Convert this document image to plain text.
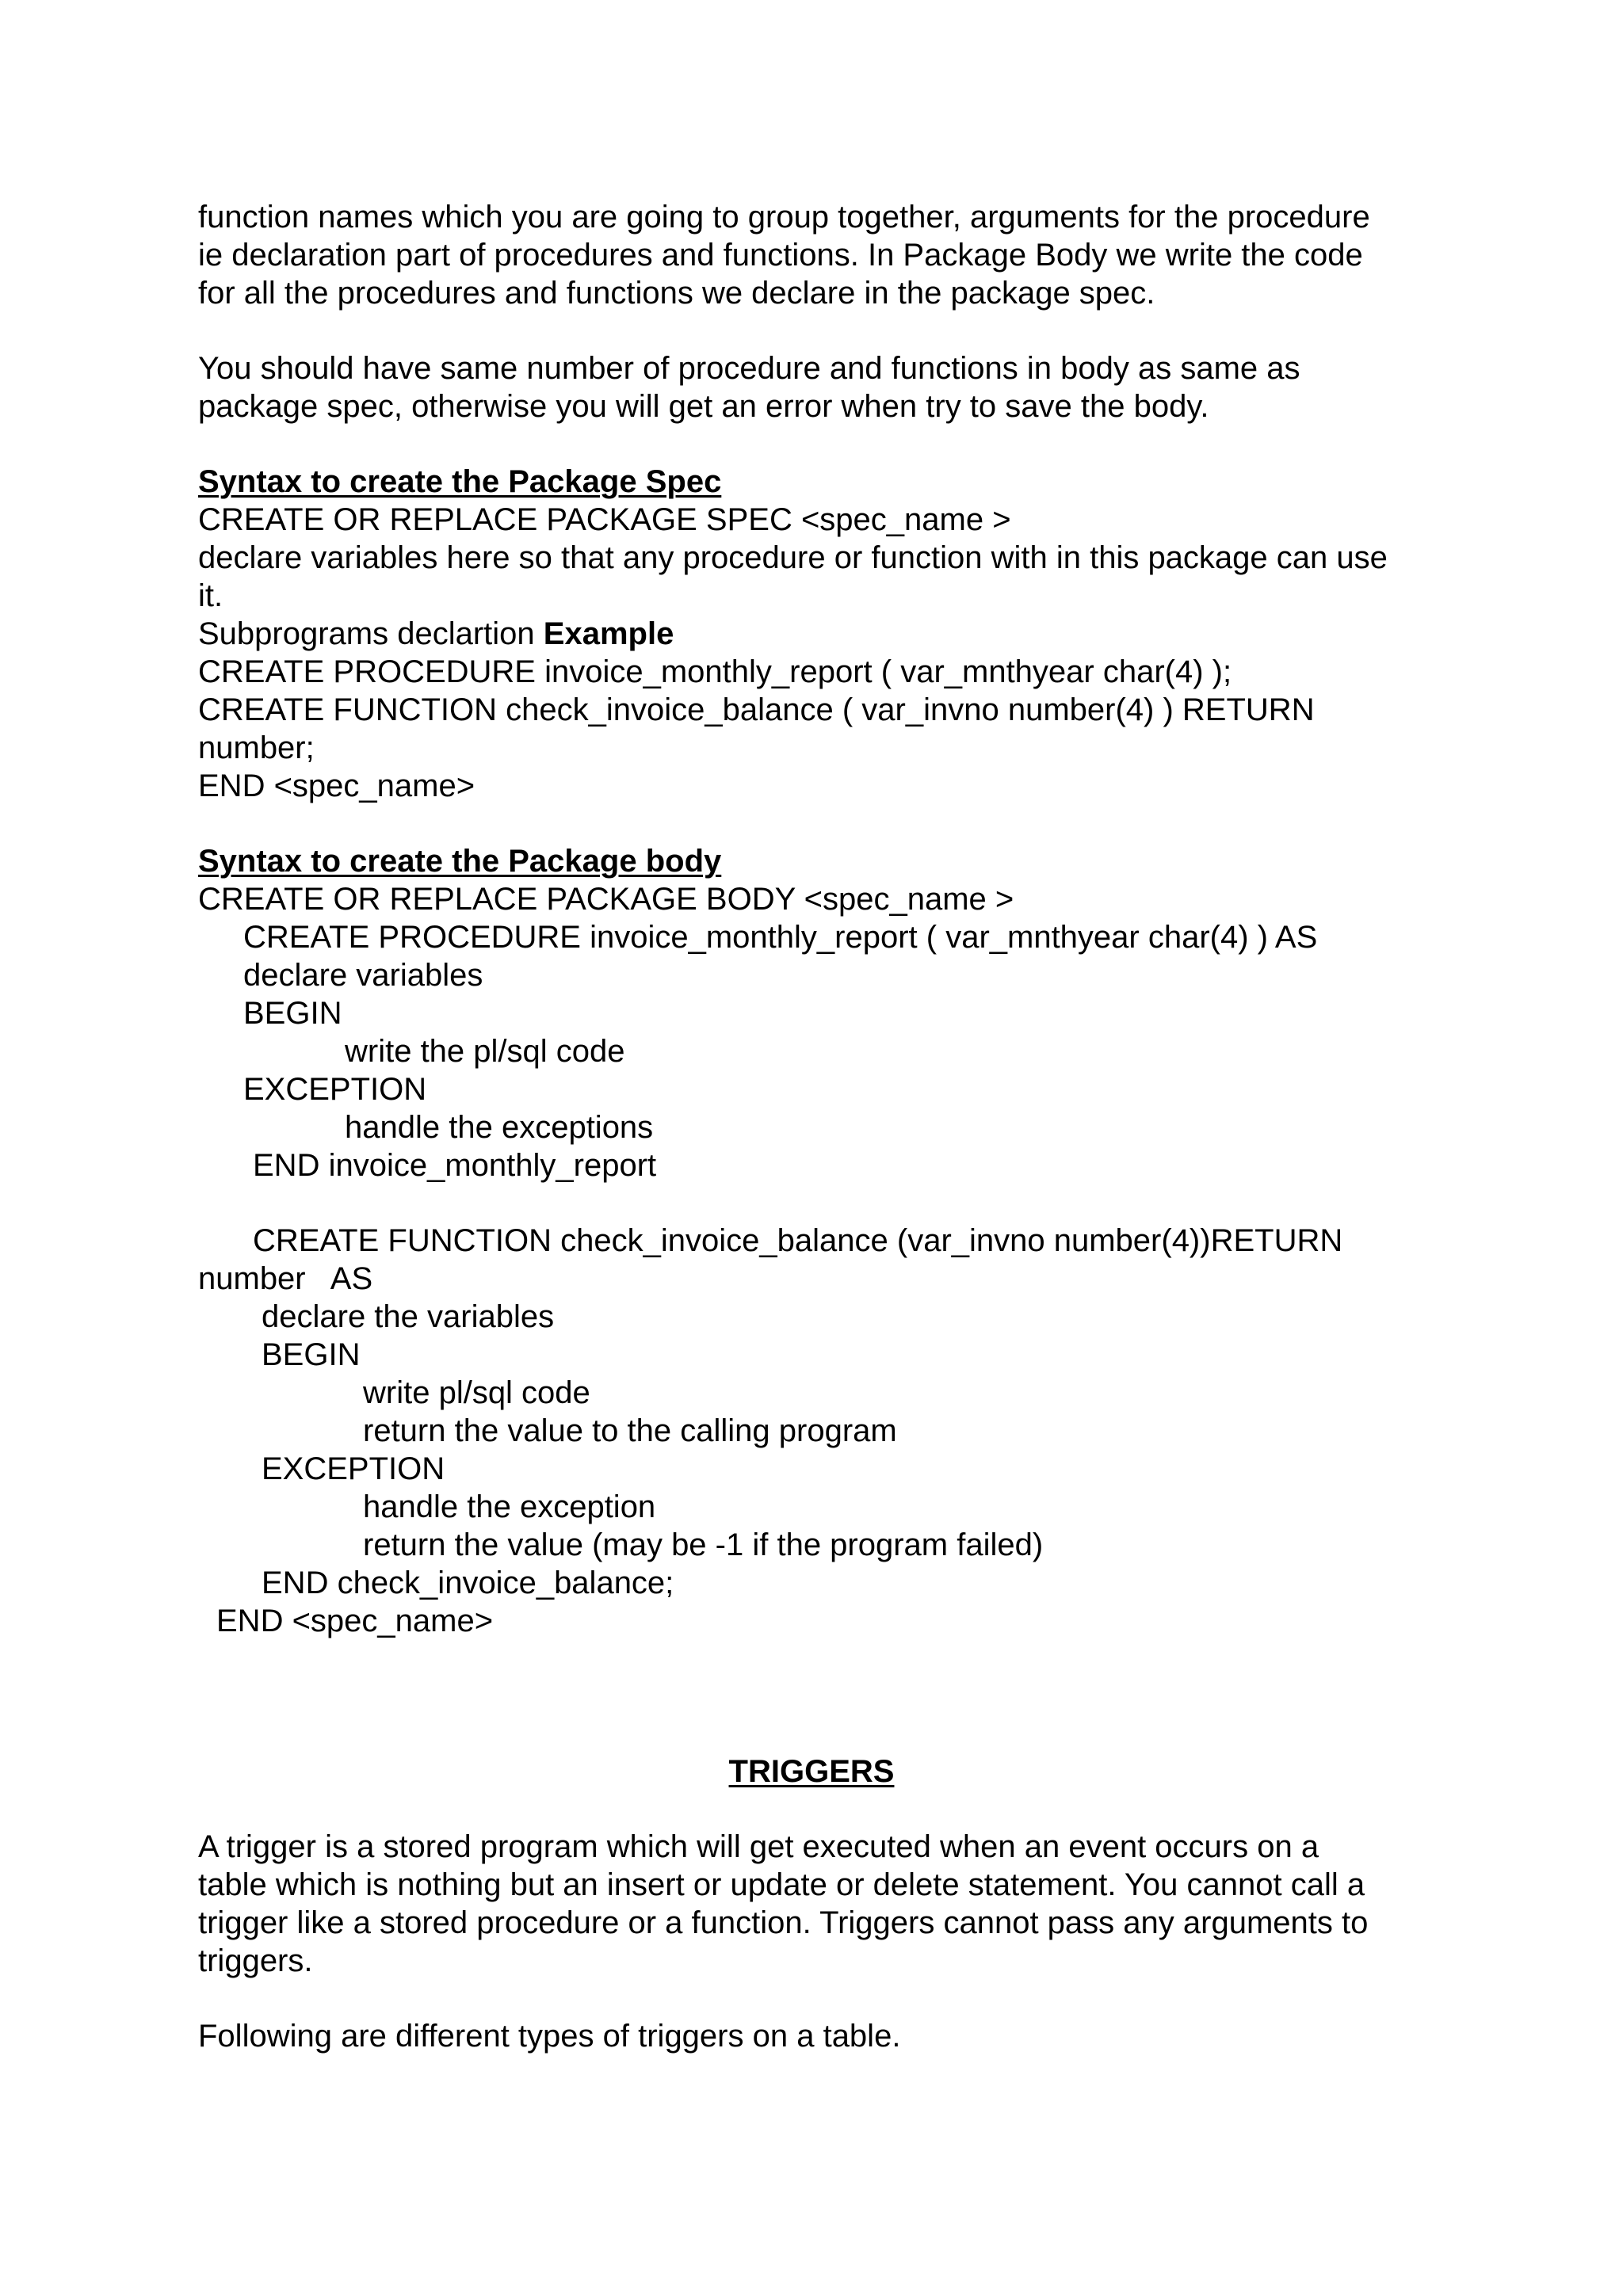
function names which you are going to group together, arguments for the procedure
ie declaration part of procedures and functions. In Package Body we write the code
for all the procedures and functions we declare in the package spec.
You should have same number of procedure and functions in body as same as
package spec, otherwise you will get an error when try to save the body.
Syntax to create the Package Spec
CREATE OR REPLACE PACKAGE SPEC <spec_name >
declare variables here so that any procedure or function with in this package can use
it.
Subprograms declartion Example
CREATE PROCEDURE invoice_monthly_report ( var_mnthyear char(4) );
CREATE FUNCTION check_invoice_balance ( var_invno number(4) ) RETURN
number;
END <spec_name>
Syntax to create the Package body
CREATE OR REPLACE PACKAGE BODY <spec_name >
CREATE PROCEDURE invoice_monthly_report ( var_mnthyear char(4) ) AS
declare variables
BEGIN
write the pl/sql code
EXCEPTION
handle the exceptions
END invoice_monthly_report
CREATE FUNCTION check_invoice_balance (var_invno number(4))RETURN
number   AS
declare the variables
BEGIN
write pl/sql code
return the value to the calling program
EXCEPTION
handle the exception
return the value (may be -1 if the program failed)
END check_invoice_balance;
END <spec_name>
TRIGGERS
A trigger is a stored program which will get executed when an event occurs on a
table which is nothing but an insert or update or delete statement. You cannot call a
trigger like a stored procedure or a function. Triggers cannot pass any arguments to
triggers.
Following are different types of triggers on a table.
